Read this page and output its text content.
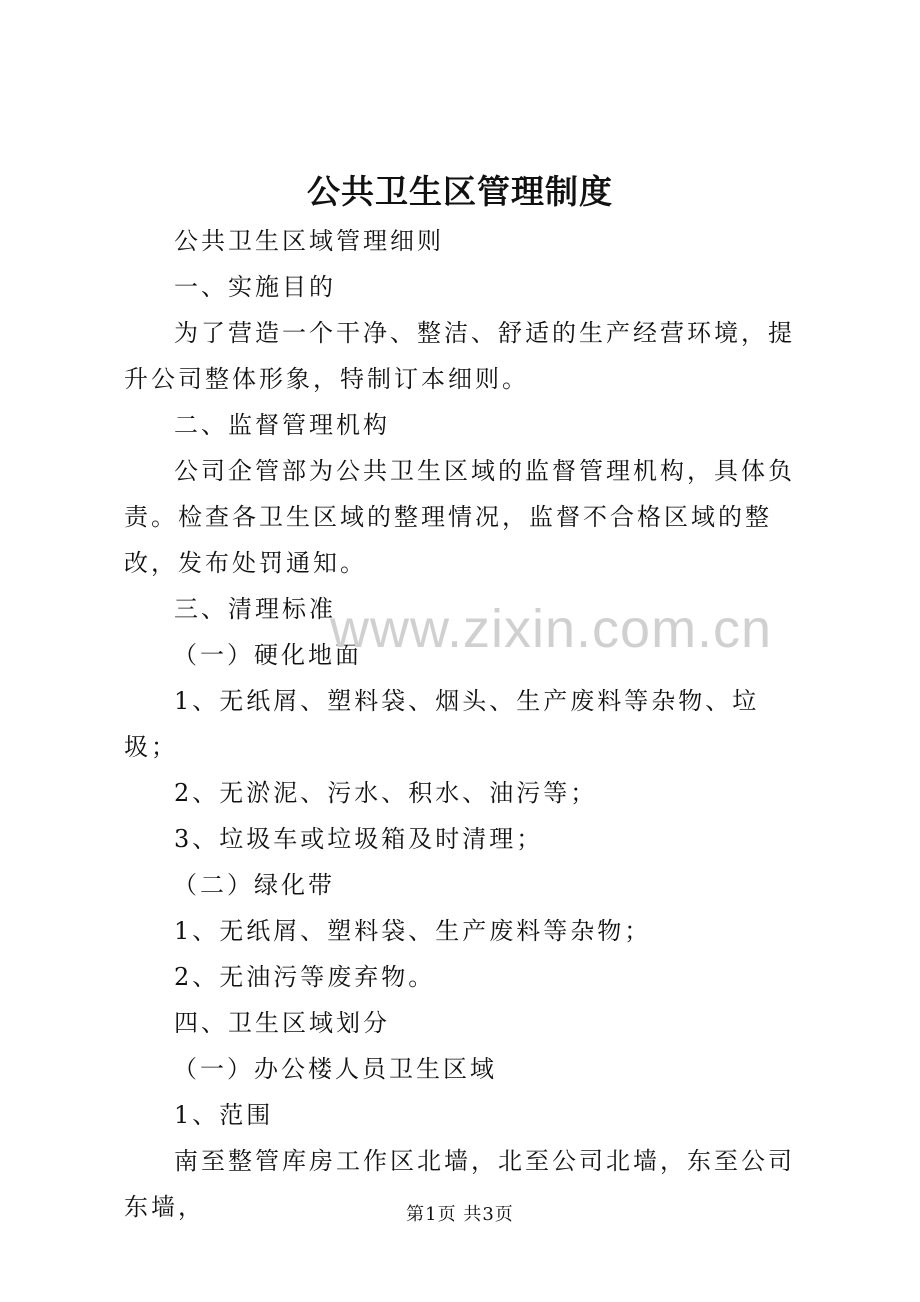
公共卫生区管理制度

公共卫生区域管理细则

一、实施目的

为了营造一个干净、整洁、舒适的生产经营环境，提升公司整体形象，特制订本细则。

二、监督管理机构

公司企管部为公共卫生区域的监督管理机构，具体负责。检查各卫生区域的整理情况，监督不合格区域的整改，发布处罚通知。

三、清理标准

（一）硬化地面

1、无纸屑、塑料袋、烟头、生产废料等杂物、垃圾；

2、无淤泥、污水、积水、油污等；

3、垃圾车或垃圾箱及时清理；

（二）绿化带

1、无纸屑、塑料袋、生产废料等杂物；

2、无油污等废弃物。

四、卫生区域划分

（一）办公楼人员卫生区域

1、范围

南至整管库房工作区北墙，北至公司北墙，东至公司东墙，

www.zixin.com.cn
第1页 共3页
